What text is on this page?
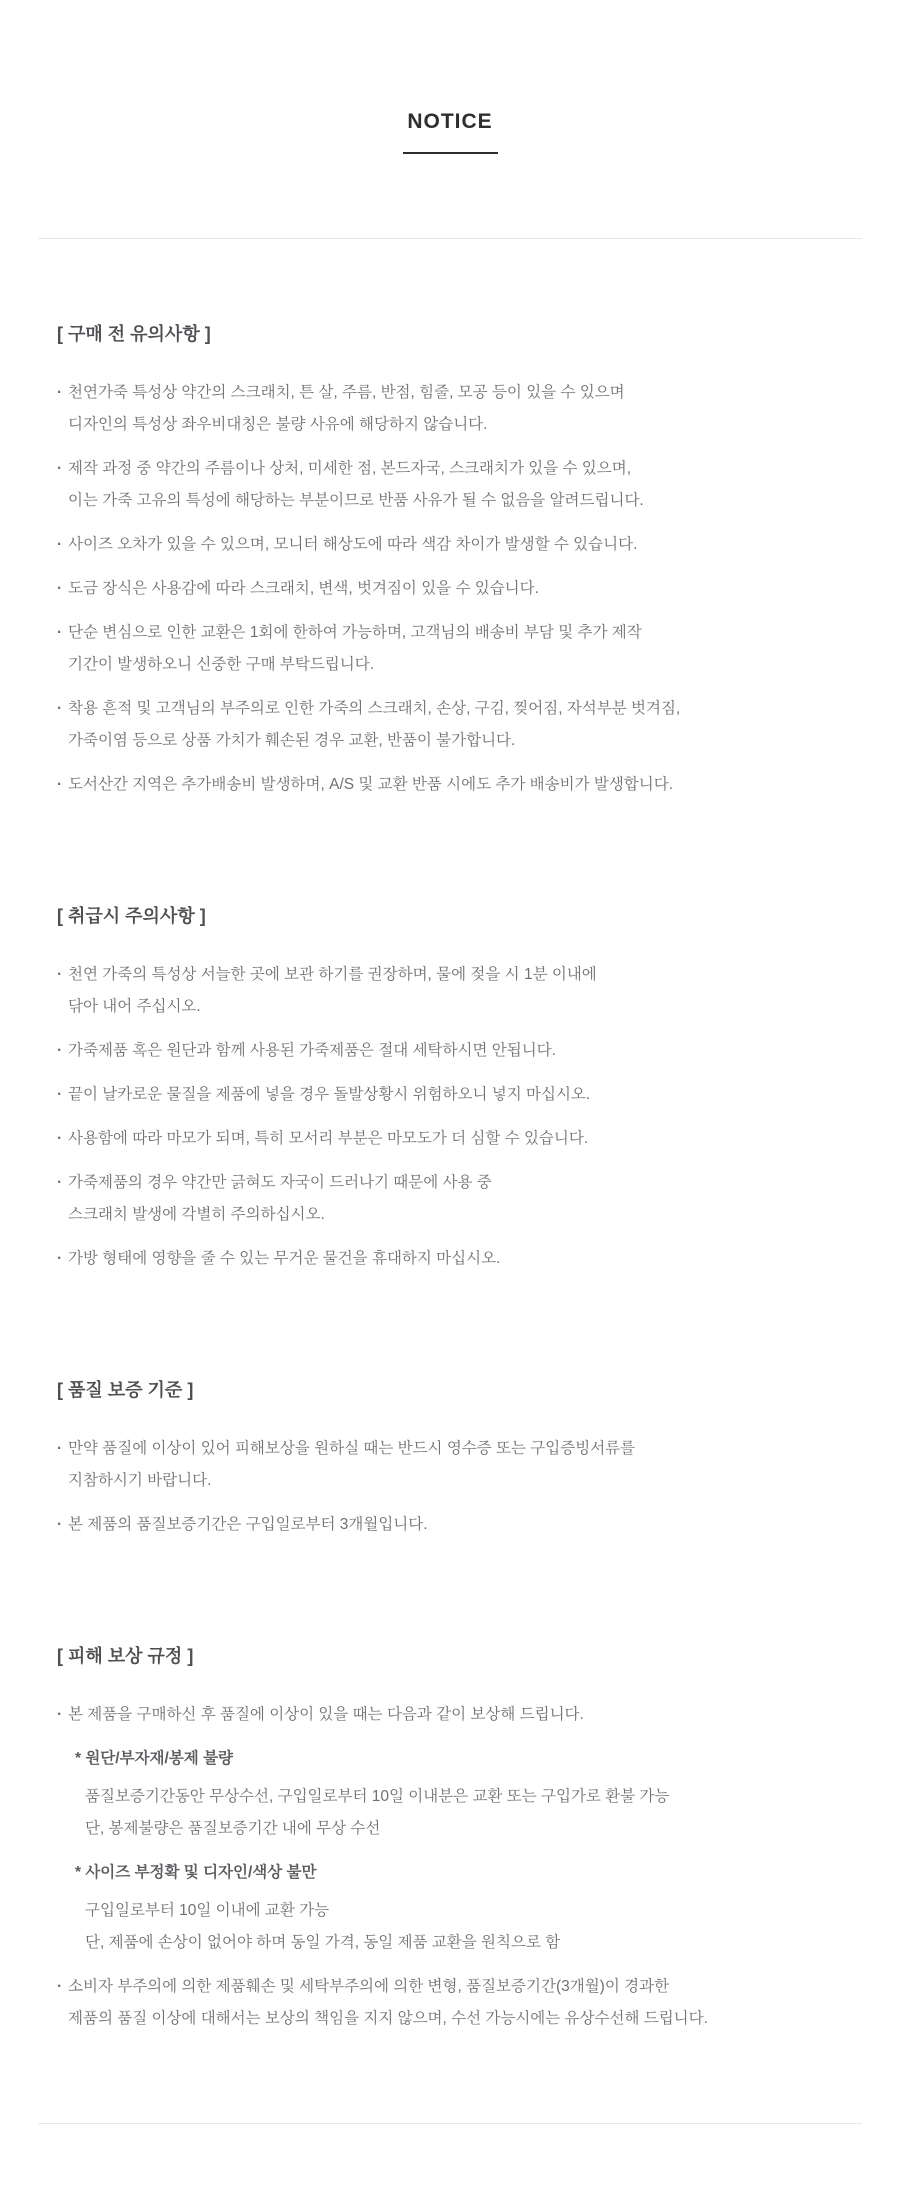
NOTICE
[ 구매 전 유의사항 ]
· 천연가죽 특성상 약간의 스크래치, 튼 살, 주름, 반점, 힘줄, 모공 등이 있을 수 있으며
디자인의 특성상 좌우비대칭은 불량 사유에 해당하지 않습니다.
· 제작 과정 중 약간의 주름이나 상처, 미세한 점, 본드자국, 스크래치가 있을 수 있으며,
이는 가죽 고유의 특성에 해당하는 부분이므로 반품 사유가 될 수 없음을 알려드립니다.
· 사이즈 오차가 있을 수 있으며, 모니터 해상도에 따라 색감 차이가 발생할 수 있습니다.
· 도금 장식은 사용감에 따라 스크래치, 변색, 벗겨짐이 있을 수 있습니다.
· 단순 변심으로 인한 교환은 1회에 한하여 가능하며, 고객님의 배송비 부담 및 추가 제작
기간이 발생하오니 신중한 구매 부탁드립니다.
· 착용 흔적 및 고객님의 부주의로 인한 가죽의 스크래치, 손상, 구김, 찢어짐, 자석부분 벗겨짐,
가죽이염 등으로 상품 가치가 훼손된 경우 교환, 반품이 불가합니다.
· 도서산간 지역은 추가배송비 발생하며, A/S 및 교환 반품 시에도 추가 배송비가 발생합니다.
[ 취급시 주의사항 ]
· 천연 가죽의 특성상 서늘한 곳에 보관 하기를 권장하며, 물에 젖을 시 1분 이내에
닦아 내어 주십시오.
· 가죽제품 혹은 원단과 함께 사용된 가죽제품은 절대 세탁하시면 안됩니다.
· 끝이 날카로운 물질을 제품에 넣을 경우 돌발상황시 위험하오니 넣지 마십시오.
· 사용함에 따라 마모가 되며, 특히 모서리 부분은 마모도가 더 심할 수 있습니다.
· 가죽제품의 경우 약간만 긁혀도 자국이 드러나기 때문에 사용 중
스크래치 발생에 각별히 주의하십시오.
· 가방 형태에 영향을 줄 수 있는 무거운 물건을 휴대하지 마십시오.
[ 품질 보증 기준 ]
· 만약 품질에 이상이 있어 피해보상을 원하실 때는 반드시 영수증 또는 구입증빙서류를
지참하시기 바랍니다.
· 본 제품의 품질보증기간은 구입일로부터 3개월입니다.
[ 피해 보상 규정 ]
· 본 제품을 구매하신 후 품질에 이상이 있을 때는 다음과 같이 보상해 드립니다.
* 원단/부자재/봉제 불량
품질보증기간동안 무상수선, 구입일로부터 10일 이내분은 교환 또는 구입가로 환불 가능
단, 봉제불량은 품질보증기간 내에 무상 수선
* 사이즈 부정확 및 디자인/색상 불만
구입일로부터 10일 이내에 교환 가능
단, 제품에 손상이 없어야 하며 동일 가격, 동일 제품 교환을 원칙으로 함
· 소비자 부주의에 의한 제품훼손 및 세탁부주의에 의한 변형, 품질보증기간(3개월)이 경과한
제품의 품질 이상에 대해서는 보상의 책임을 지지 않으며, 수선 가능시에는 유상수선해 드립니다.
